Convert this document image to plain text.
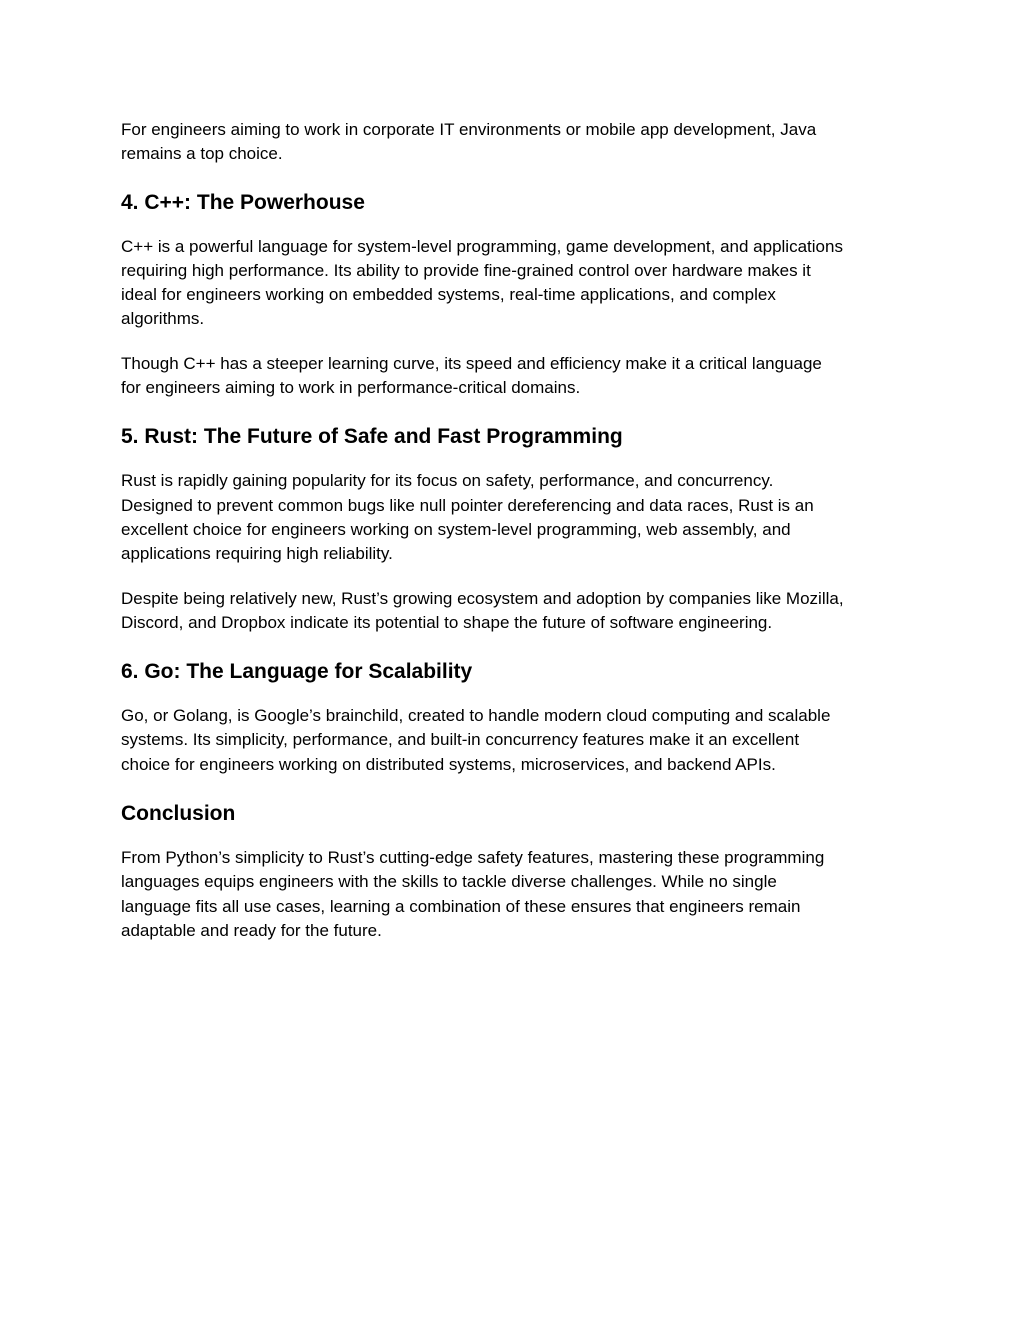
For engineers aiming to work in corporate IT environments or mobile app development, Java
remains a top choice.

4. C++: The Powerhouse

C++ is a powerful language for system-level programming, game development, and applications
requiring high performance. Its ability to provide fine-grained control over hardware makes it
ideal for engineers working on embedded systems, real-time applications, and complex
algorithms.

Though C++ has a steeper learning curve, its speed and efficiency make it a critical language
for engineers aiming to work in performance-critical domains.

5. Rust: The Future of Safe and Fast Programming

Rust is rapidly gaining popularity for its focus on safety, performance, and concurrency.
Designed to prevent common bugs like null pointer dereferencing and data races, Rust is an
excellent choice for engineers working on system-level programming, web assembly, and
applications requiring high reliability.

Despite being relatively new, Rust’s growing ecosystem and adoption by companies like Mozilla,
Discord, and Dropbox indicate its potential to shape the future of software engineering.

6. Go: The Language for Scalability

Go, or Golang, is Google’s brainchild, created to handle modern cloud computing and scalable
systems. Its simplicity, performance, and built-in concurrency features make it an excellent
choice for engineers working on distributed systems, microservices, and backend APIs.

Conclusion

From Python’s simplicity to Rust’s cutting-edge safety features, mastering these programming
languages equips engineers with the skills to tackle diverse challenges. While no single
language fits all use cases, learning a combination of these ensures that engineers remain
adaptable and ready for the future.
